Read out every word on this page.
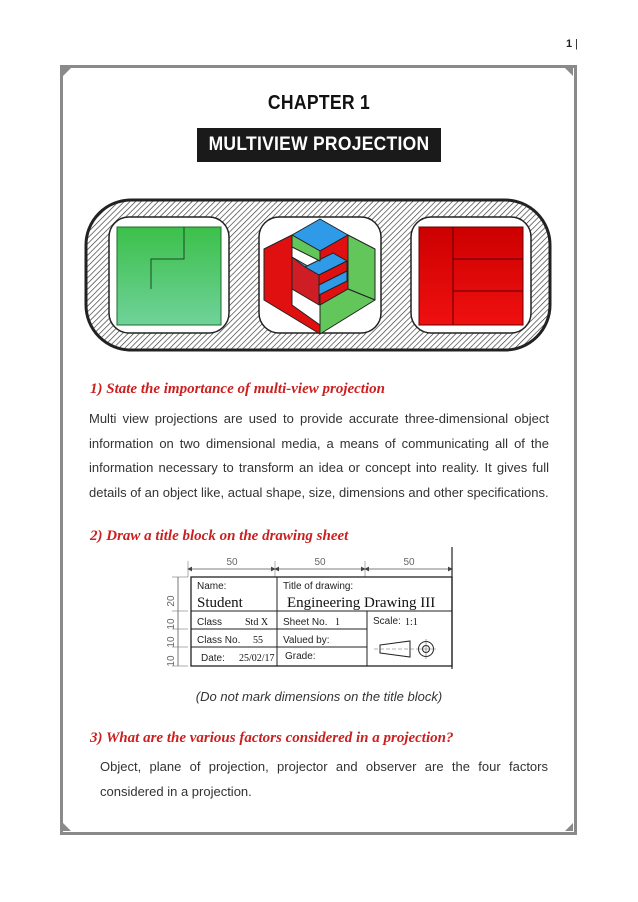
1 |
CHAPTER 1
MULTIVIEW PROJECTION
1) State the importance of multi-view projection
Multi view projections are used to provide accurate three-dimensional object information on two dimensional media, a means of communicating all of the information necessary to transform an idea or concept into reality. It gives full details of an object like, actual shape, size, dimensions and other specifications.
2) Draw a title block on the drawing sheet
50	50	50
20
10
10
10
Name:
Student
Title of drawing:
Engineering Drawing III
Class Std X Sheet No. 1	Scale: 1:1
Class No. 55 Valued by:
Date: 25/02/17 Grade:
(Do not mark dimensions on the title block)
3) What are the various factors considered in a projection?
Object, plane of projection, projector and observer are the four factors considered in a projection.
